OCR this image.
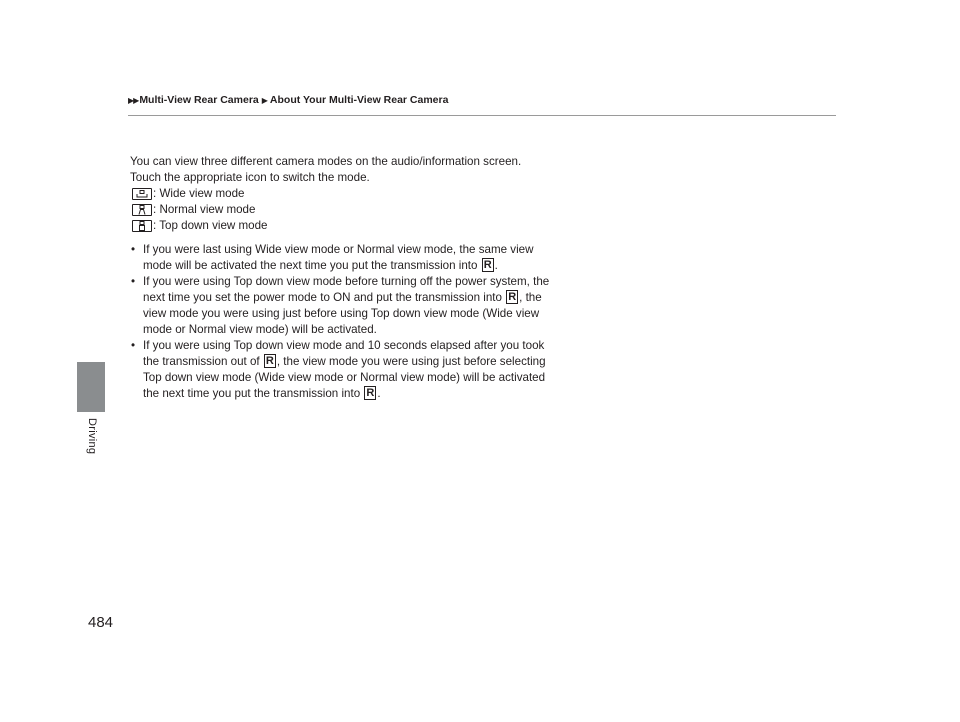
▶▶ Multi-View Rear Camera ▶ About Your Multi-View Rear Camera
Driving
484

You can view three different camera modes on the audio/information screen.

Touch the appropriate icon to switch the mode.

: Wide view mode
: Normal view mode
: Top down view mode
• If you were last using Wide view mode or Normal view mode, the same view
mode will be activated the next time you put the transmission into R .
• If you were using Top down view mode before turning off the power system, the
next time you set the power mode to ON and put the transmission into R , the
view mode you were using just before using Top down view mode (Wide view
mode or Normal view mode) will be activated.
• If you were using Top down view mode and 10 seconds elapsed after you took
the transmission out of R , the view mode you were using just before selecting
Top down view mode (Wide view mode or Normal view mode) will be activated
the next time you put the transmission into R .
